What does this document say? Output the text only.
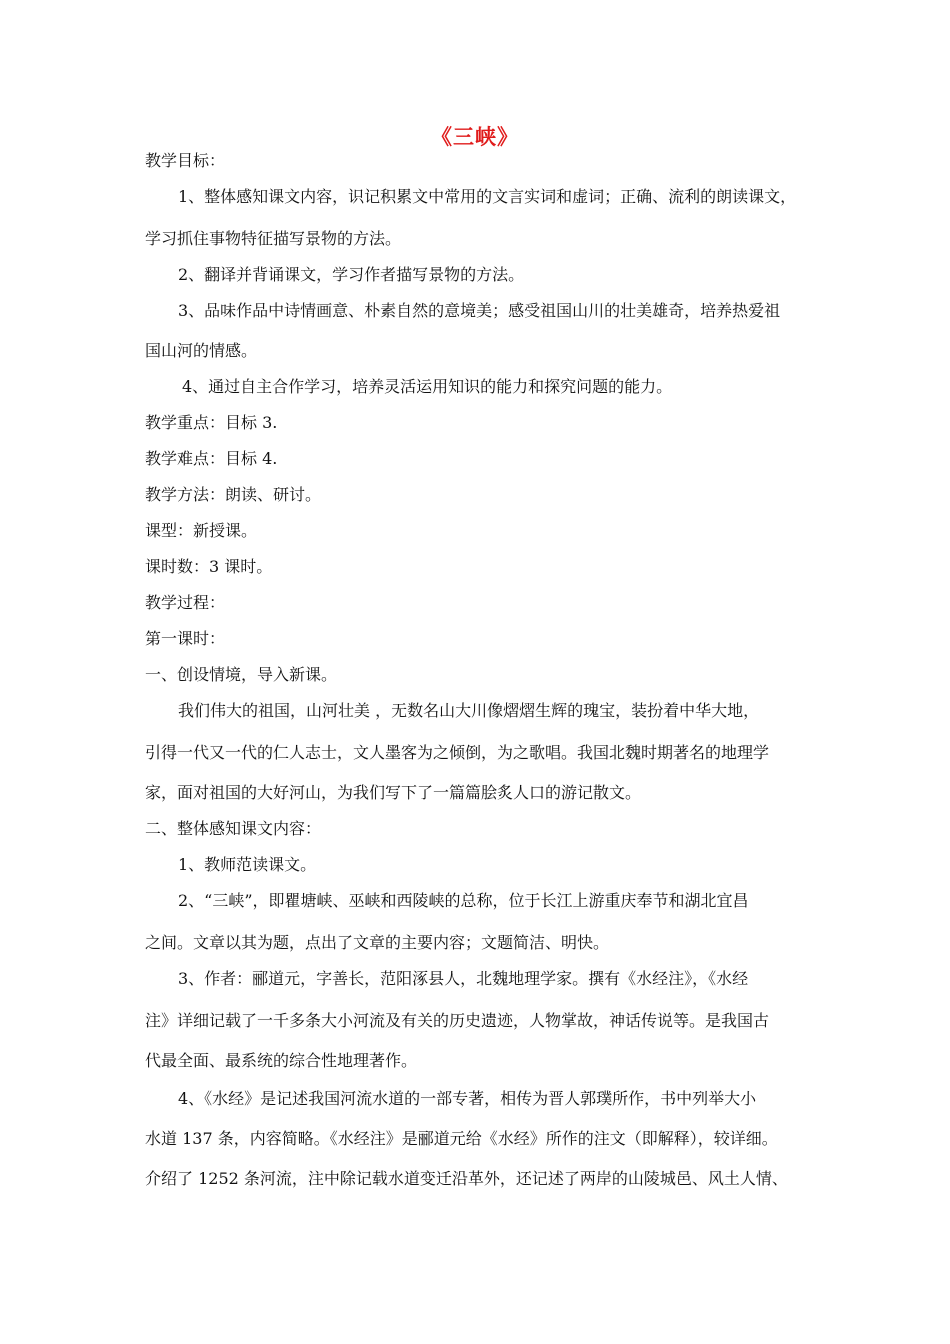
《三峡》
教学目标：
1、整体感知课文内容，识记积累文中常用的文言实词和虚词；正确、流利的朗读课文，
学习抓住事物特征描写景物的方法。
2、翻译并背诵课文，学习作者描写景物的方法。
3、品味作品中诗情画意、朴素自然的意境美；感受祖国山川的壮美雄奇，培养热爱祖
国山河的情感。
4、通过自主合作学习，培养灵活运用知识的能力和探究问题的能力。
教学重点：目标 3.
教学难点：目标 4.
教学方法：朗读、研讨。
课型：新授课。
课时数：3 课时。
教学过程：
第一课时：
一、创设情境，导入新课。
我们伟大的祖国，山河壮美 ，无数名山大川像熠熠生辉的瑰宝，装扮着中华大地，
引得一代又一代的仁人志士，文人墨客为之倾倒，为之歌唱。我国北魏时期著名的地理学
家，面对祖国的大好河山，为我们写下了一篇篇脍炙人口的游记散文。
二、整体感知课文内容：
1、教师范读课文。
2、“三峡”，即瞿塘峡、巫峡和西陵峡的总称，位于长江上游重庆奉节和湖北宜昌
之间。文章以其为题，点出了文章的主要内容；文题简洁、明快。
3、作者：郦道元，字善长，范阳涿县人，北魏地理学家。撰有《水经注》，《水经
注》详细记载了一千多条大小河流及有关的历史遗迹，人物掌故，神话传说等。是我国古
代最全面、最系统的综合性地理著作。
4、《水经》是记述我国河流水道的一部专著，相传为晋人郭璞所作，书中列举大小
水道 137 条，内容简略。《水经注》是郦道元给《水经》所作的注文（即解释），较详细。
介绍了 1252 条河流，注中除记载水道变迁沿革外，还记述了两岸的山陵城邑、风土人情、
